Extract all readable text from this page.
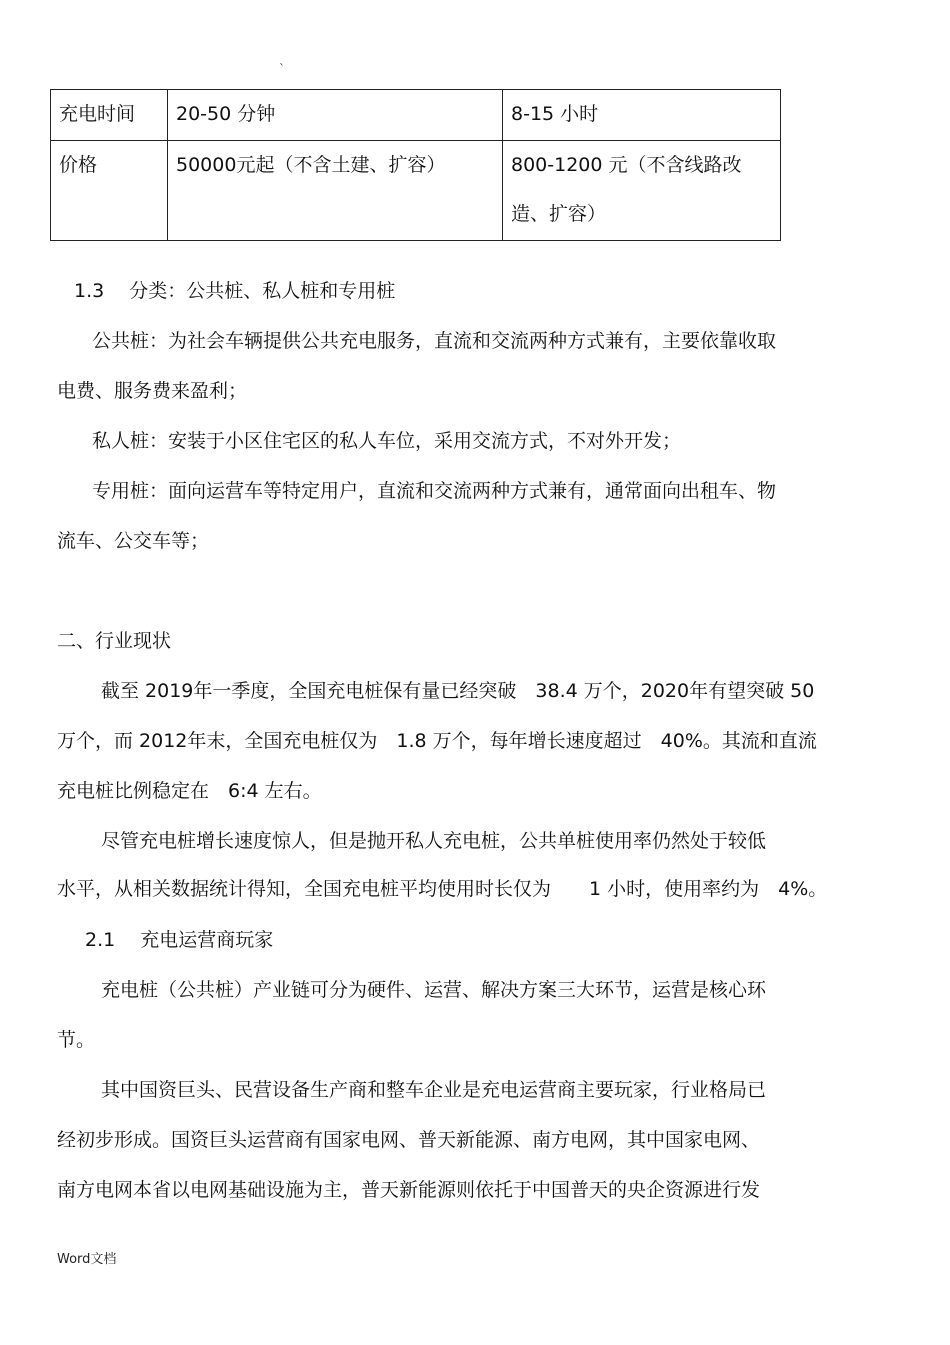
`
充电时间	20-50 分钟	8-15 小时
价格	50000元起（不含土建、扩容）	800-1200 元（不含线路改造、扩容）
1.3　 分类：公共桩、私人桩和专用桩
公共桩：为社会车辆提供公共充电服务，直流和交流两种方式兼有，主要依靠收取
电费、服务费来盈利；
私人桩：安装于小区住宅区的私人车位，采用交流方式，不对外开发；
专用桩：面向运营车等特定用户，直流和交流两种方式兼有，通常面向出租车、物
流车、公交车等；
二、行业现状
截至 2019年一季度，全国充电桩保有量已经突破　38.4 万个，2020年有望突破 50
万个，而 2012年末，全国充电桩仅为　1.8 万个，每年增长速度超过　40%。其流和直流
充电桩比例稳定在　6:4 左右。
尽管充电桩增长速度惊人，但是抛开私人充电桩，公共单桩使用率仍然处于较低
水平，从相关数据统计得知，全国充电桩平均使用时长仅为　　1 小时，使用率约为　4%。
2.1　 充电运营商玩家
充电桩（公共桩）产业链可分为硬件、运营、解决方案三大环节，运营是核心环
节。
其中国资巨头、民营设备生产商和整车企业是充电运营商主要玩家，行业格局已
经初步形成。国资巨头运营商有国家电网、普天新能源、南方电网，其中国家电网、
南方电网本省以电网基础设施为主，普天新能源则依托于中国普天的央企资源进行发
Word文档
